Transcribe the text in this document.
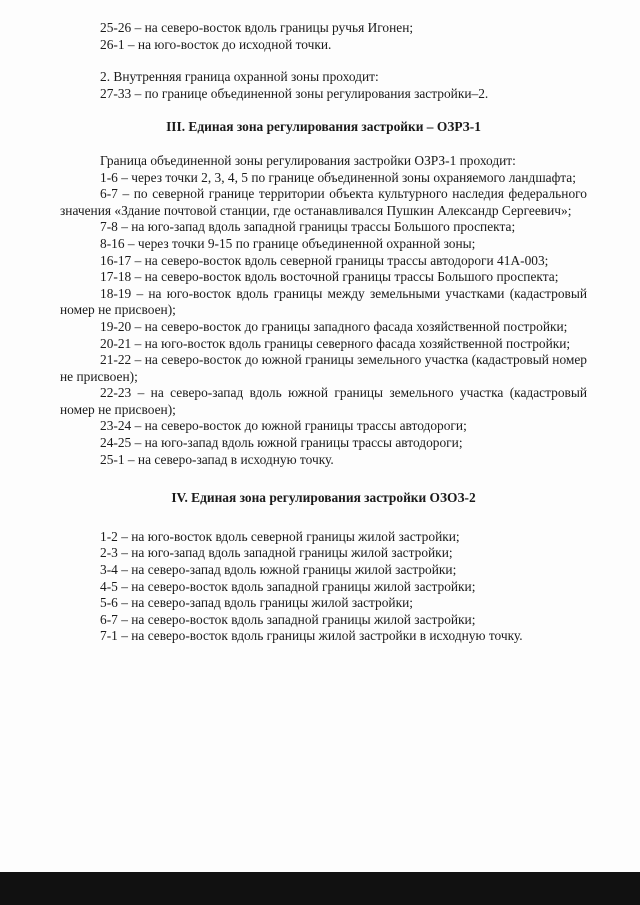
25-26 – на северо-восток вдоль границы ручья Игонен;

26-1 – на юго-восток до исходной точки.

2. Внутренняя граница охранной зоны проходит:

27-33 – по границе объединенной зоны регулирования застройки–2.

III. Единая зона регулирования застройки – ОЗРЗ-1

Граница объединенной зоны регулирования застройки ОЗРЗ-1 проходит:

1-6 – через точки 2, 3, 4, 5 по границе объединенной зоны охраняемого ландшафта;

6-7 – по северной границе территории объекта культурного наследия федерального значения «Здание почтовой станции, где останавливался Пушкин Александр Сергеевич»;

7-8 – на юго-запад вдоль западной границы трассы Большого проспекта;

8-16 – через точки 9-15 по границе объединенной охранной зоны;

16-17 – на северо-восток вдоль северной границы трассы автодороги 41А-003;

17-18 – на северо-восток вдоль восточной границы трассы Большого проспекта;

18-19 – на юго-восток вдоль границы между земельными участками (кадастровый номер не присвоен);

19-20 – на северо-восток до границы западного фасада хозяйственной постройки;

20-21 – на юго-восток вдоль границы северного фасада хозяйственной постройки;

21-22 – на северо-восток до южной границы земельного участка (кадастровый номер не присвоен);

22-23 – на северо-запад вдоль южной границы земельного участка (кадастровый номер не присвоен);

23-24 – на северо-восток до южной границы трассы автодороги;

24-25 – на юго-запад вдоль южной границы трассы автодороги;

25-1 – на северо-запад в исходную точку.

IV. Единая зона регулирования застройки ОЗОЗ-2

1-2 – на юго-восток вдоль северной границы жилой застройки;

2-3 – на юго-запад вдоль западной границы жилой застройки;

3-4 – на северо-запад вдоль южной границы жилой застройки;

4-5 – на северо-восток вдоль западной границы жилой застройки;

5-6 – на северо-запад вдоль границы жилой застройки;

6-7 – на северо-восток вдоль западной границы жилой застройки;

7-1 – на северо-восток вдоль границы жилой застройки в исходную точку.
